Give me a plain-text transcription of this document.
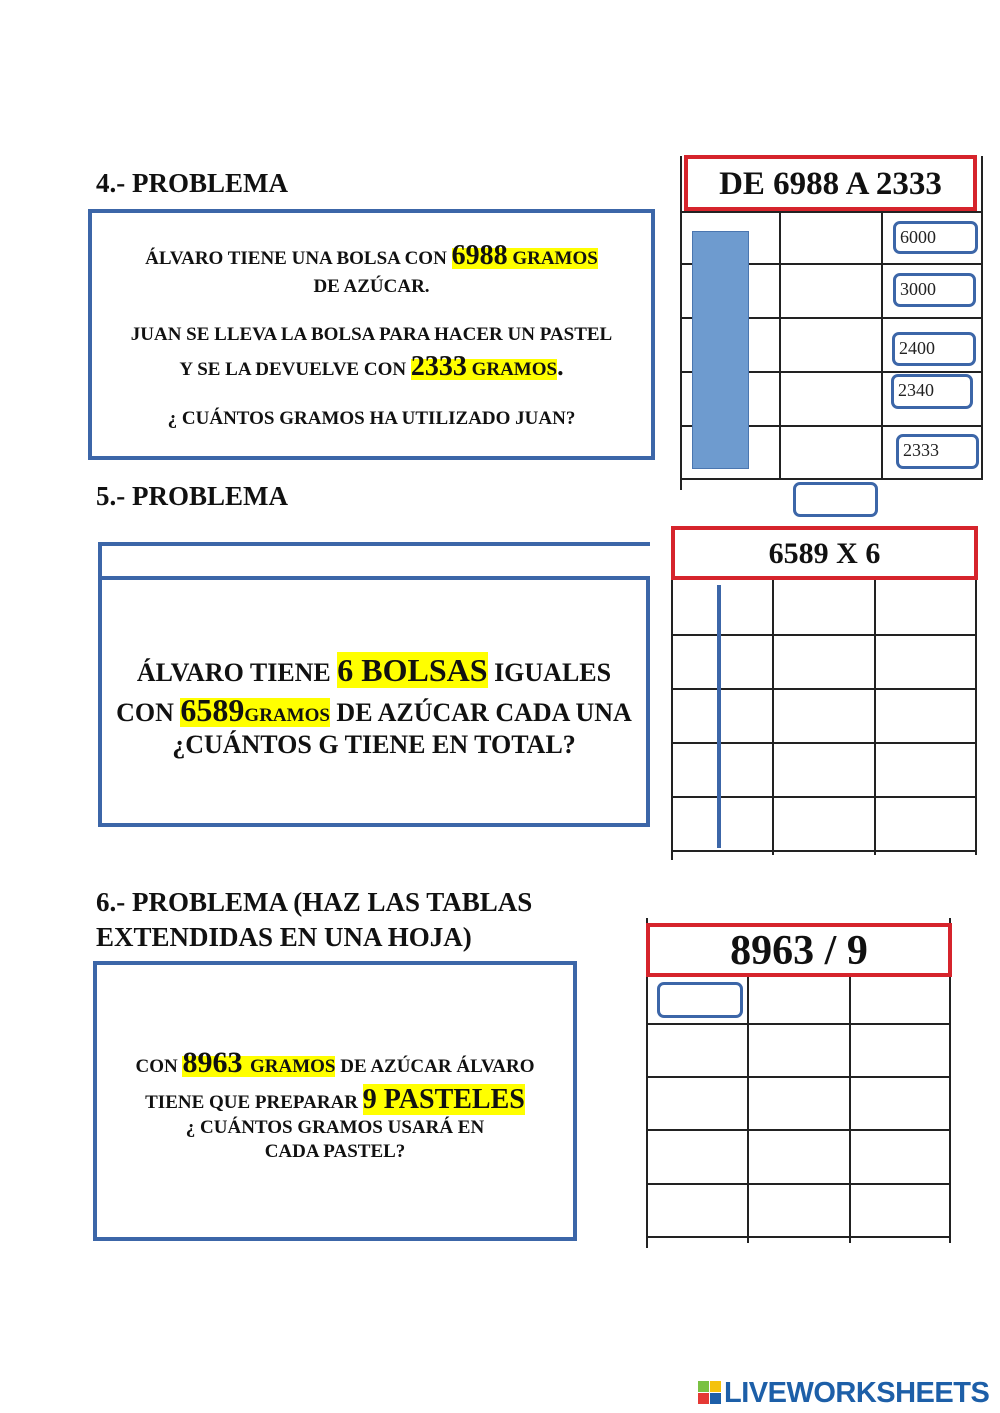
4.- PROBLEMA
ÁLVARO TIENE UNA BOLSA CON 6988 GRAMOS
DE AZÚCAR.
JUAN SE LLEVA LA BOLSA PARA HACER UN PASTEL
Y SE LA DEVUELVE CON 2333 GRAMOS.
¿ CUÁNTOS GRAMOS HA UTILIZADO JUAN?
DE 6988 A 2333
6000
3000
2400
2340
2333
5.- PROBLEMA
ÁLVARO TIENE 6 BOLSAS IGUALES
CON 6589GRAMOS DE AZÚCAR CADA UNA
¿CUÁNTOS G TIENE EN TOTAL?
6589 X 6
6.- PROBLEMA (HAZ LAS TABLAS
EXTENDIDAS EN UNA HOJA)
CON 8963 GRAMOS DE AZÚCAR ÁLVARO
TIENE QUE PREPARAR 9 PASTELES
¿ CUÁNTOS GRAMOS USARÁ EN
CADA PASTEL?
8963 / 9
LIVEWORKSHEETS
